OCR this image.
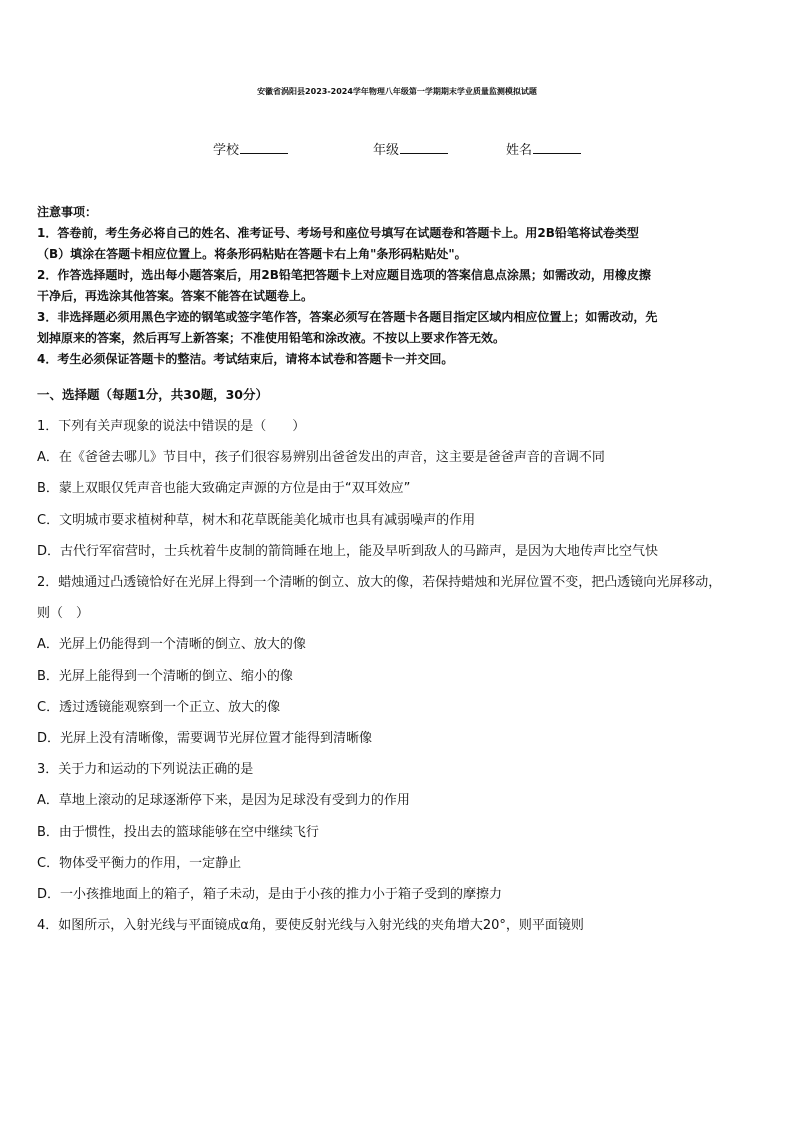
安徽省涡阳县2023-2024学年物理八年级第一学期期末学业质量监测模拟试题
学校	年级	姓名

注意事项：

1．答卷前，考生务必将自己的姓名、准考证号、考场号和座位号填写在试题卷和答题卡上。用2B铅笔将试卷类型

（B）填涂在答题卡相应位置上。将条形码粘贴在答题卡右上角"条形码粘贴处"。

2．作答选择题时，选出每小题答案后，用2B铅笔把答题卡上对应题目选项的答案信息点涂黑；如需改动，用橡皮擦

干净后，再选涂其他答案。答案不能答在试题卷上。

3．非选择题必须用黑色字迹的钢笔或签字笔作答，答案必须写在答题卡各题目指定区域内相应位置上；如需改动，先

划掉原来的答案，然后再写上新答案；不准使用铅笔和涂改液。不按以上要求作答无效。

4．考生必须保证答题卡的整洁。考试结束后，请将本试卷和答题卡一并交回。

一、选择题（每题1分，共30题，30分）
1．下列有关声现象的说法中错误的是（　　）
A．在《爸爸去哪儿》节目中，孩子们很容易辨别出爸爸发出的声音，这主要是爸爸声音的音调不同
B．蒙上双眼仅凭声音也能大致确定声源的方位是由于“双耳效应”
C．文明城市要求植树种草，树木和花草既能美化城市也具有减弱噪声的作用
D．古代行军宿营时，士兵枕着牛皮制的箭筒睡在地上，能及早听到敌人的马蹄声，是因为大地传声比空气快
2．蜡烛通过凸透镜恰好在光屏上得到一个清晰的倒立、放大的像，若保持蜡烛和光屏位置不变，把凸透镜向光屏移动，
则（　）
A．光屏上仍能得到一个清晰的倒立、放大的像
B．光屏上能得到一个清晰的倒立、缩小的像
C．透过透镜能观察到一个正立、放大的像
D．光屏上没有清晰像，需要调节光屏位置才能得到清晰像
3．关于力和运动的下列说法正确的是
A．草地上滚动的足球逐渐停下来，是因为足球没有受到力的作用
B．由于惯性，投出去的篮球能够在空中继续飞行
C．物体受平衡力的作用，一定静止
D．一小孩推地面上的箱子，箱子未动，是由于小孩的推力小于箱子受到的摩擦力
4．如图所示，入射光线与平面镜成α角，要使反射光线与入射光线的夹角增大20°，则平面镜则
